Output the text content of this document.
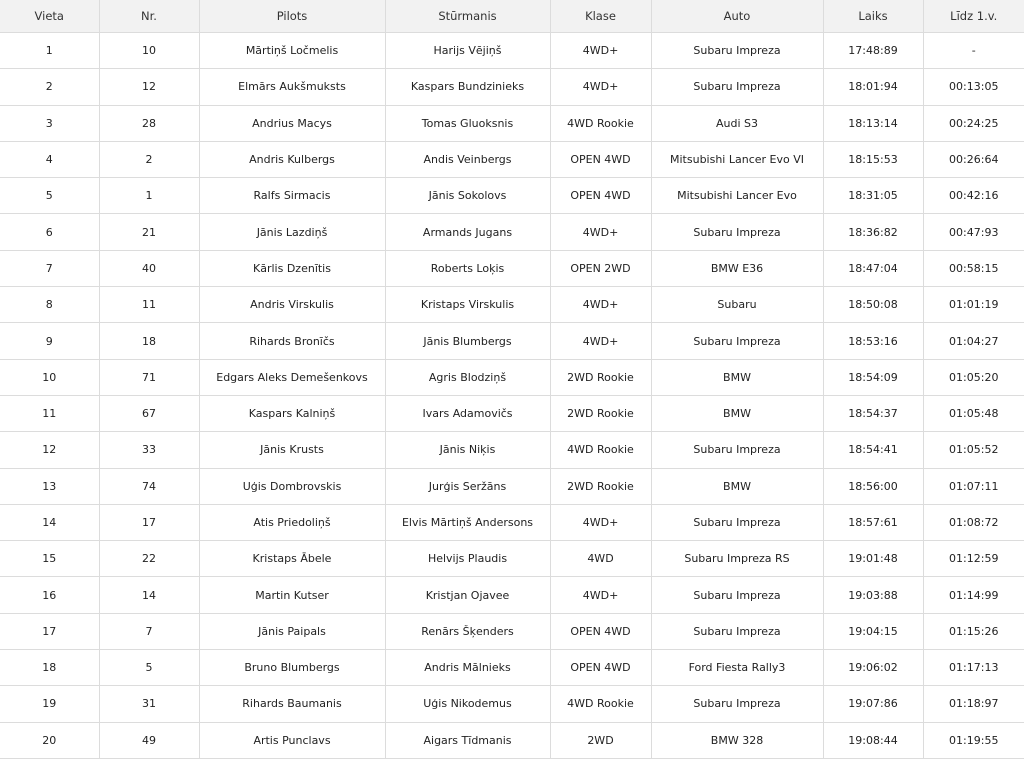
Vieta	Nr.	Pilots	Stūrmanis	Klase	Auto	Laiks	Līdz 1.v.
1	10	Mārtiņš Ločmelis	Harijs Vējiņš	4WD+	Subaru Impreza	17:48:89	-
2	12	Elmārs Aukšmuksts	Kaspars Bundzinieks	4WD+	Subaru Impreza	18:01:94	00:13:05
3	28	Andrius Macys	Tomas Gluoksnis	4WD Rookie	Audi S3	18:13:14	00:24:25
4	2	Andris Kulbergs	Andis Veinbergs	OPEN 4WD	Mitsubishi Lancer Evo VI	18:15:53	00:26:64
5	1	Ralfs Sirmacis	Jānis Sokolovs	OPEN 4WD	Mitsubishi Lancer Evo	18:31:05	00:42:16
6	21	Jānis Lazdiņš	Armands Jugans	4WD+	Subaru Impreza	18:36:82	00:47:93
7	40	Kārlis Dzenītis	Roberts Loķis	OPEN 2WD	BMW E36	18:47:04	00:58:15
8	11	Andris Virskulis	Kristaps Virskulis	4WD+	Subaru	18:50:08	01:01:19
9	18	Rihards Bronīčs	Jānis Blumbergs	4WD+	Subaru Impreza	18:53:16	01:04:27
10	71	Edgars Aleks Demešenkovs	Agris Blodziņš	2WD Rookie	BMW	18:54:09	01:05:20
11	67	Kaspars Kalniņš	Ivars Adamovičs	2WD Rookie	BMW	18:54:37	01:05:48
12	33	Jānis Krusts	Jānis Niķis	4WD Rookie	Subaru Impreza	18:54:41	01:05:52
13	74	Uģis Dombrovskis	Jurģis Seržāns	2WD Rookie	BMW	18:56:00	01:07:11
14	17	Atis Priedoliņš	Elvis Mārtiņš Andersons	4WD+	Subaru Impreza	18:57:61	01:08:72
15	22	Kristaps Ābele	Helvijs Plaudis	4WD	Subaru Impreza RS	19:01:48	01:12:59
16	14	Martin Kutser	Kristjan Ojavee	4WD+	Subaru Impreza	19:03:88	01:14:99
17	7	Jānis Paipals	Renārs Šķenders	OPEN 4WD	Subaru Impreza	19:04:15	01:15:26
18	5	Bruno Blumbergs	Andris Mālnieks	OPEN 4WD	Ford Fiesta Rally3	19:06:02	01:17:13
19	31	Rihards Baumanis	Uģis Nikodemus	4WD Rookie	Subaru Impreza	19:07:86	01:18:97
20	49	Artis Punclavs	Aigars Tīdmanis	2WD	BMW 328	19:08:44	01:19:55
